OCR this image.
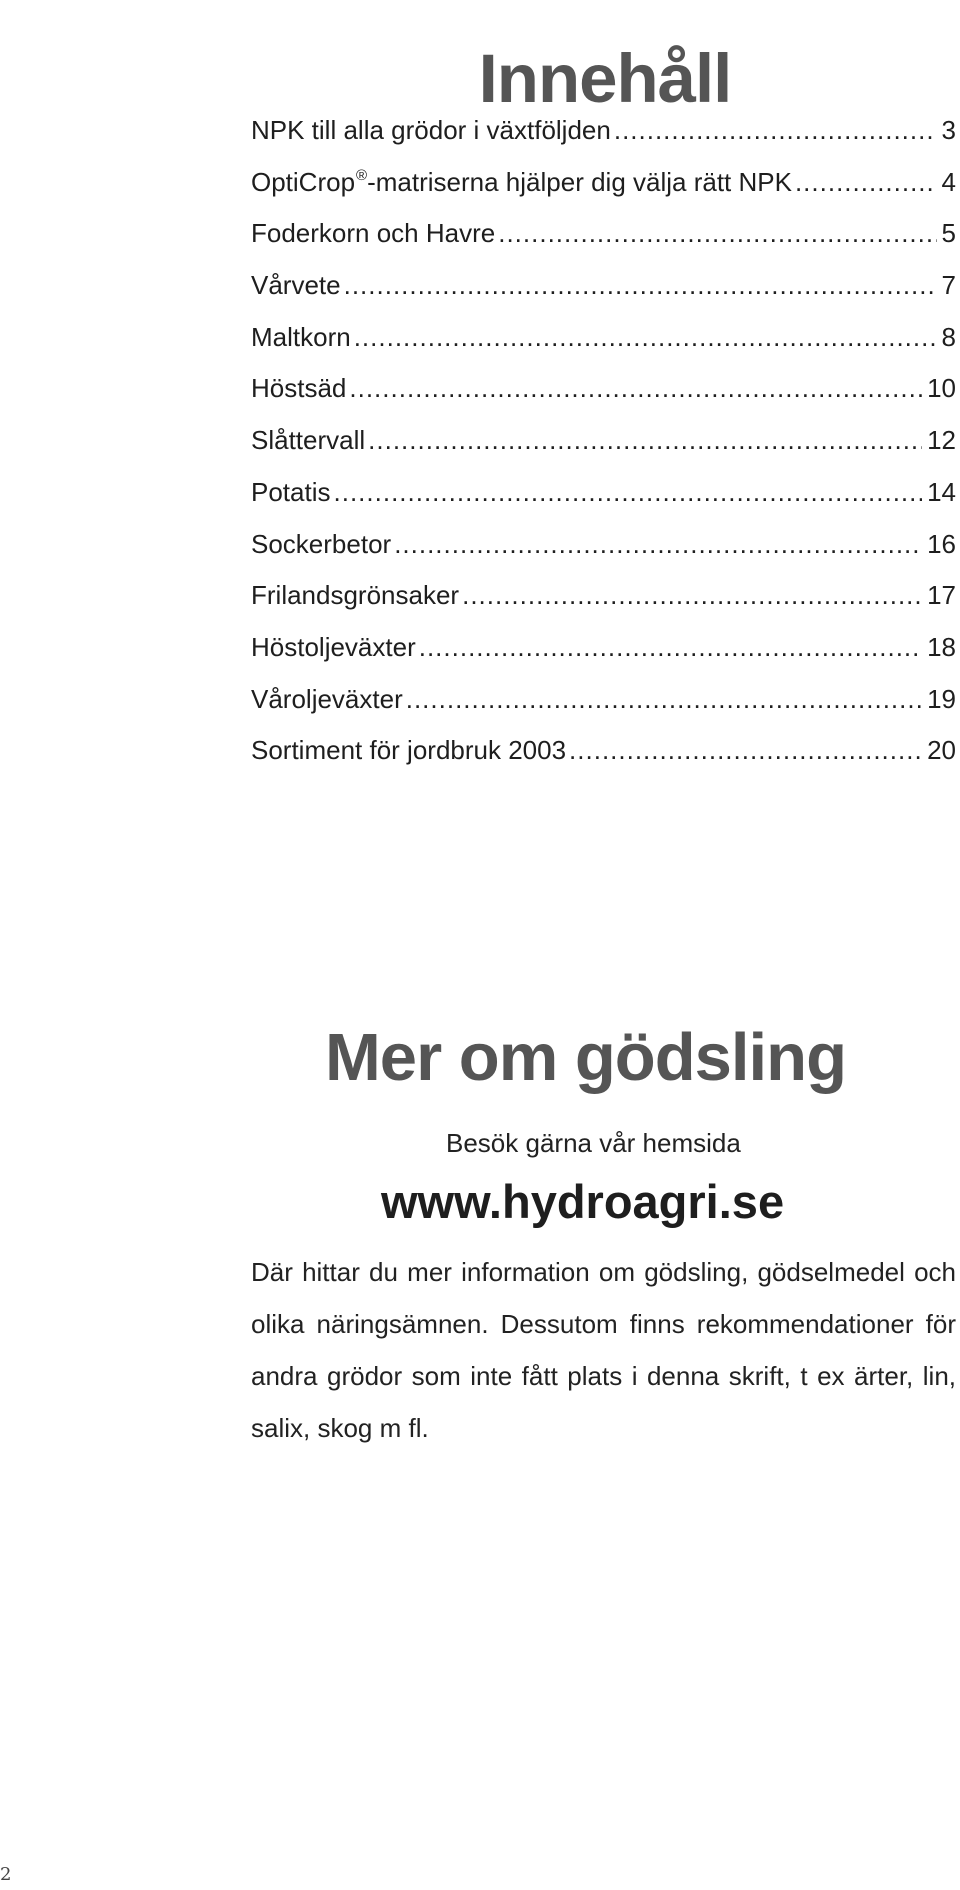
Innehåll
NPK till alla grödor i växtföljden .....	3
OptiCrop®-matriserna hjälper dig välja rätt NPK .....	4
Foderkorn och Havre .....	5
Vårvete .....	7
Maltkorn .....	8
Höstsäd .....	10
Slåttervall .....	12
Potatis .....	14
Sockerbetor .....	16
Frilandsgrönsaker .....	17
Höstoljeväxter .....	18
Våroljeväxter .....	19
Sortiment för jordbruk 2003 .....	20
Mer om gödsling
Besök gärna vår hemsida
www.hydroagri.se

Där hittar du mer information om gödsling, gödselmedel och olika näringsämnen. Dessutom finns rekommendationer för andra grödor som inte fått plats i denna skrift, t ex ärter, lin, salix, skog m fl.

2
